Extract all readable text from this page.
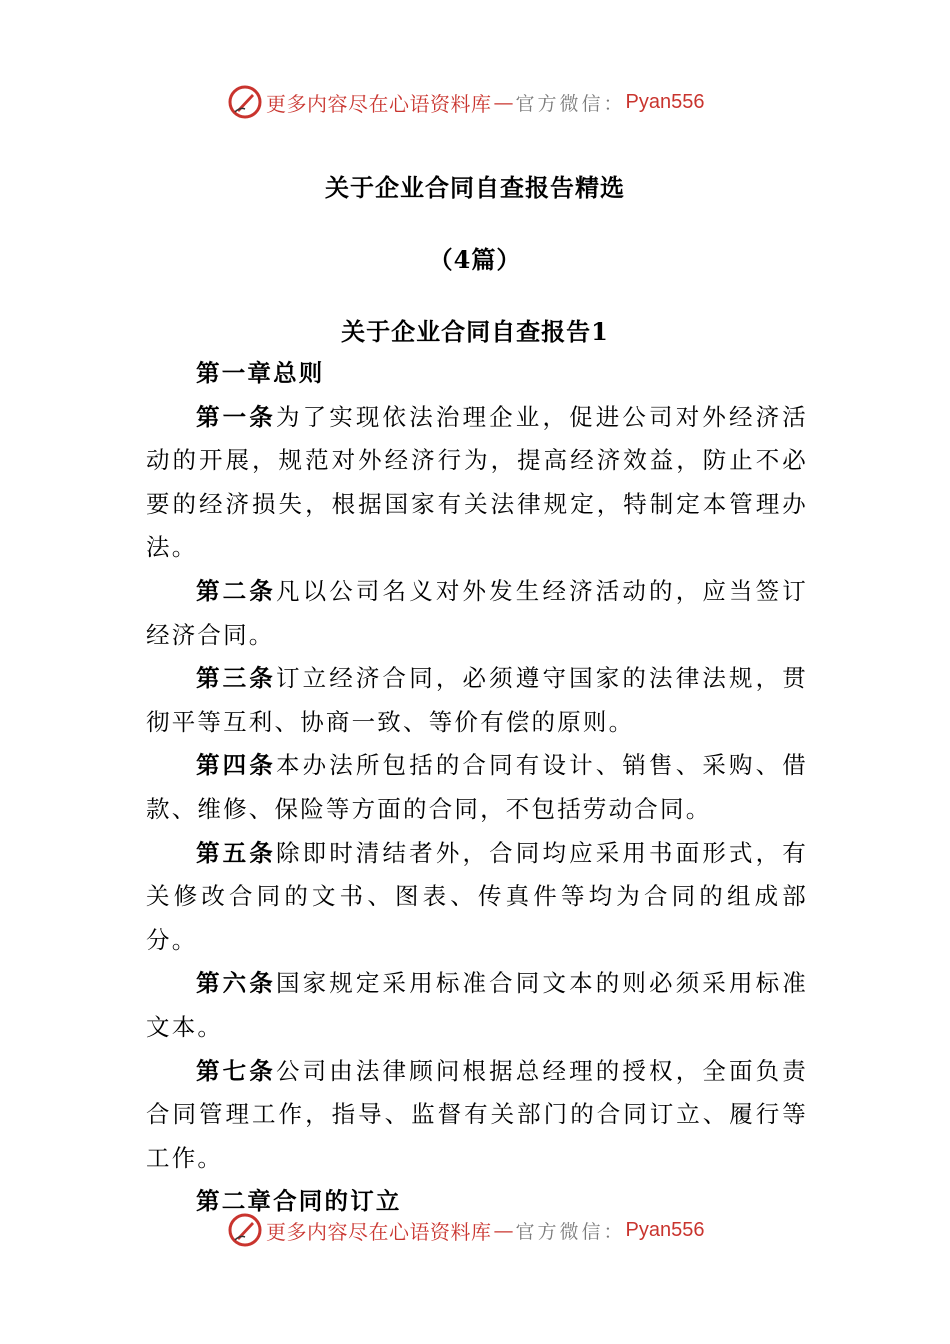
更多内容尽在心语资料库 — 官方微信： Pyan556
关于企业合同自查报告精选
（4篇）
关于企业合同自查报告1

第一章总则

第一条为了实现依法治理企业，促进公司对外经济活动的开展，规范对外经济行为，提高经济效益，防止不必要的经济损失，根据国家有关法律规定，特制定本管理办法。

第二条凡以公司名义对外发生经济活动的，应当签订经济合同。

第三条订立经济合同，必须遵守国家的法律法规，贯彻平等互利、协商一致、等价有偿的原则。

第四条本办法所包括的合同有设计、销售、采购、借款、维修、保险等方面的合同，不包括劳动合同。

第五条除即时清结者外，合同均应采用书面形式，有关修改合同的文书、图表、传真件等均为合同的组成部分。

第六条国家规定采用标准合同文本的则必须采用标准文本。

第七条公司由法律顾问根据总经理的授权，全面负责合同管理工作，指导、监督有关部门的合同订立、履行等工作。

第二章合同的订立

更多内容尽在心语资料库 — 官方微信： Pyan556
